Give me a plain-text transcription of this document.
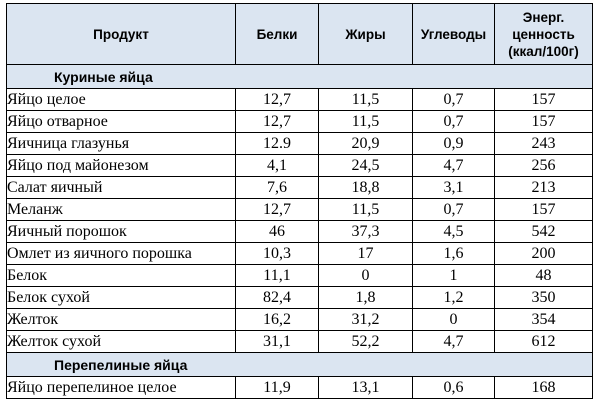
Продукт	Белки	Жиры	Углеводы	Энерг. ценность (ккал/100г)
Куриные яйца				
Яйцо целое	12,7	11,5	0,7	157
Яйцо отварное	12,7	11,5	0,7	157
Яичница глазунья	12.9	20,9	0,9	243
Яйцо под майонезом	4,1	24,5	4,7	256
Салат яичный	7,6	18,8	3,1	213
Меланж	12,7	11,5	0,7	157
Яичный порошок	46	37,3	4,5	542
Омлет из яичного порошка	10,3	17	1,6	200
Белок	11,1	0	1	48
Белок сухой	82,4	1,8	1,2	350
Желток	16,2	31,2	0	354
Желток сухой	31,1	52,2	4,7	612
Перепелиные яйца				
Яйцо перепелиное целое	11,9	13,1	0,6	168
